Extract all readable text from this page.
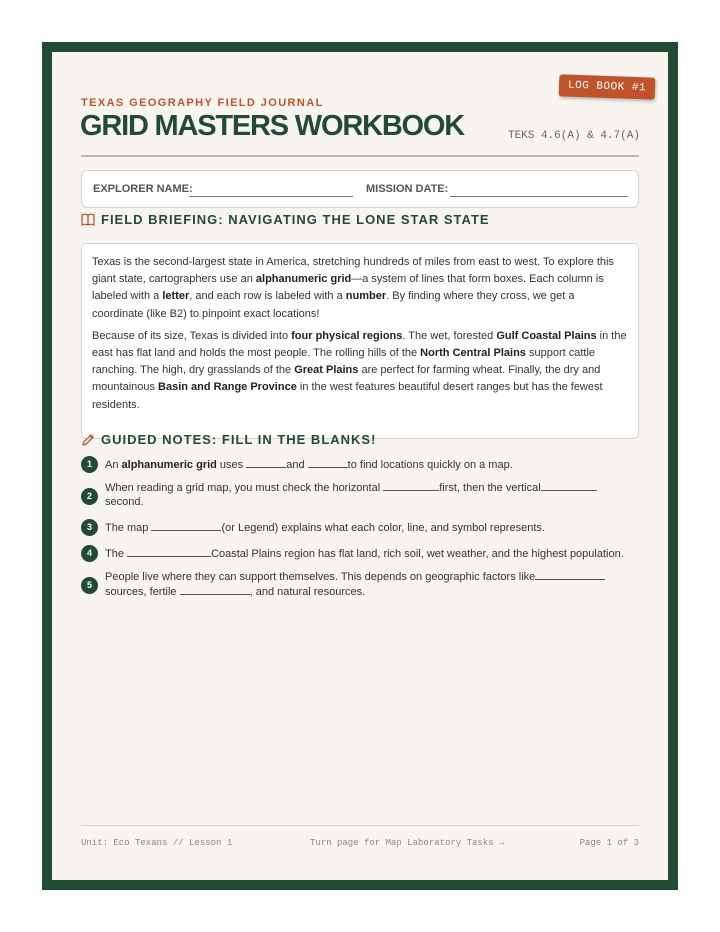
LOG BOOK #1
TEXAS GEOGRAPHY FIELD JOURNAL
GRID MASTERS WORKBOOK	TEKS 4.6(A) & 4.7(A)
EXPLORER NAME:	MISSION DATE:
FIELD BRIEFING: NAVIGATING THE LONE STAR STATE

Texas is the second-largest state in America, stretching hundreds of miles from east to west. To explore this giant state, cartographers use an alphanumeric grid—a system of lines that form boxes. Each column is labeled with a letter, and each row is labeled with a number. By finding where they cross, we get a coordinate (like B2) to pinpoint exact locations!

Because of its size, Texas is divided into four physical regions. The wet, forested Gulf Coastal Plains in the east has flat land and holds the most people. The rolling hills of the North Central Plains support cattle ranching. The high, dry grasslands of the Great Plains are perfect for farming wheat. Finally, the dry and mountainous Basin and Range Province in the west features beautiful desert ranges but has the fewest residents.

GUIDED NOTES: FILL IN THE BLANKS!
1	An alphanumeric grid uses	and	to find locations quickly on a map.
2
When reading a grid map, you must check the horizontal	first, then the vertical second.
3	The map	(or Legend) explains what each color, line, and symbol represents.
4	The	Coastal Plains region has flat land, rich soil, wet weather, and the highest population.
5
People live where they can support themselves. This depends on geographic factors like sources, fertile	, and natural resources.
Unit: Eco Texans // Lesson 1	Turn page for Map Laboratory Tasks →	Page 1 of 3
